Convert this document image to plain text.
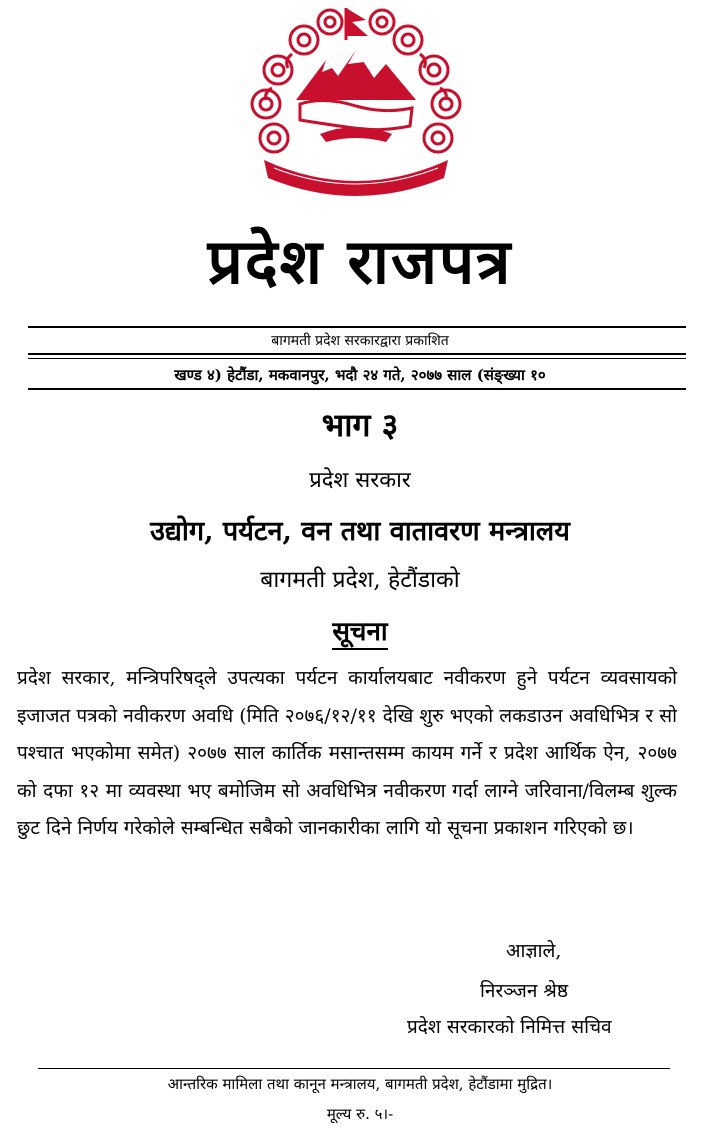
प्रदेश राजपत्र
बागमती प्रदेश सरकारद्वारा प्रकाशित
खण्ड ४) हेटौंडा, मकवानपुर, भदौ २४ गते, २०७७ साल (संङ्ख्या १०
भाग ३
प्रदेश सरकार
उद्योग, पर्यटन, वन तथा वातावरण मन्त्रालय
बागमती प्रदेश, हेटौंडाको
सूचना
प्रदेश सरकार, मन्त्रिपरिषद्ले उपत्यका पर्यटन कार्यालयबाट नवीकरण हुने पर्यटन व्यवसायको इजाजत पत्रको नवीकरण अवधि (मिति २०७६/१२/११ देखि शुरु भएको लकडाउन अवधिभित्र र सो पश्चात भएकोमा समेत) २०७७ साल कार्तिक मसान्तसम्म कायम गर्ने र प्रदेश आर्थिक ऐन, २०७७ को दफा १२ मा व्यवस्था भए बमोजिम सो अवधिभित्र नवीकरण गर्दा लाग्ने जरिवाना/विलम्ब शुल्क छुट दिने निर्णय गरेकोले सम्बन्धित सबैको जानकारीका लागि यो सूचना प्रकाशन गरिएको छ।
आज्ञाले,
निरञ्जन श्रेष्ठ
प्रदेश सरकारको निमित्त सचिव
आन्तरिक मामिला तथा कानून मन्त्रालय, बागमती प्रदेश, हेटौंडामा मुद्रित।
मूल्य रु. ५।-
